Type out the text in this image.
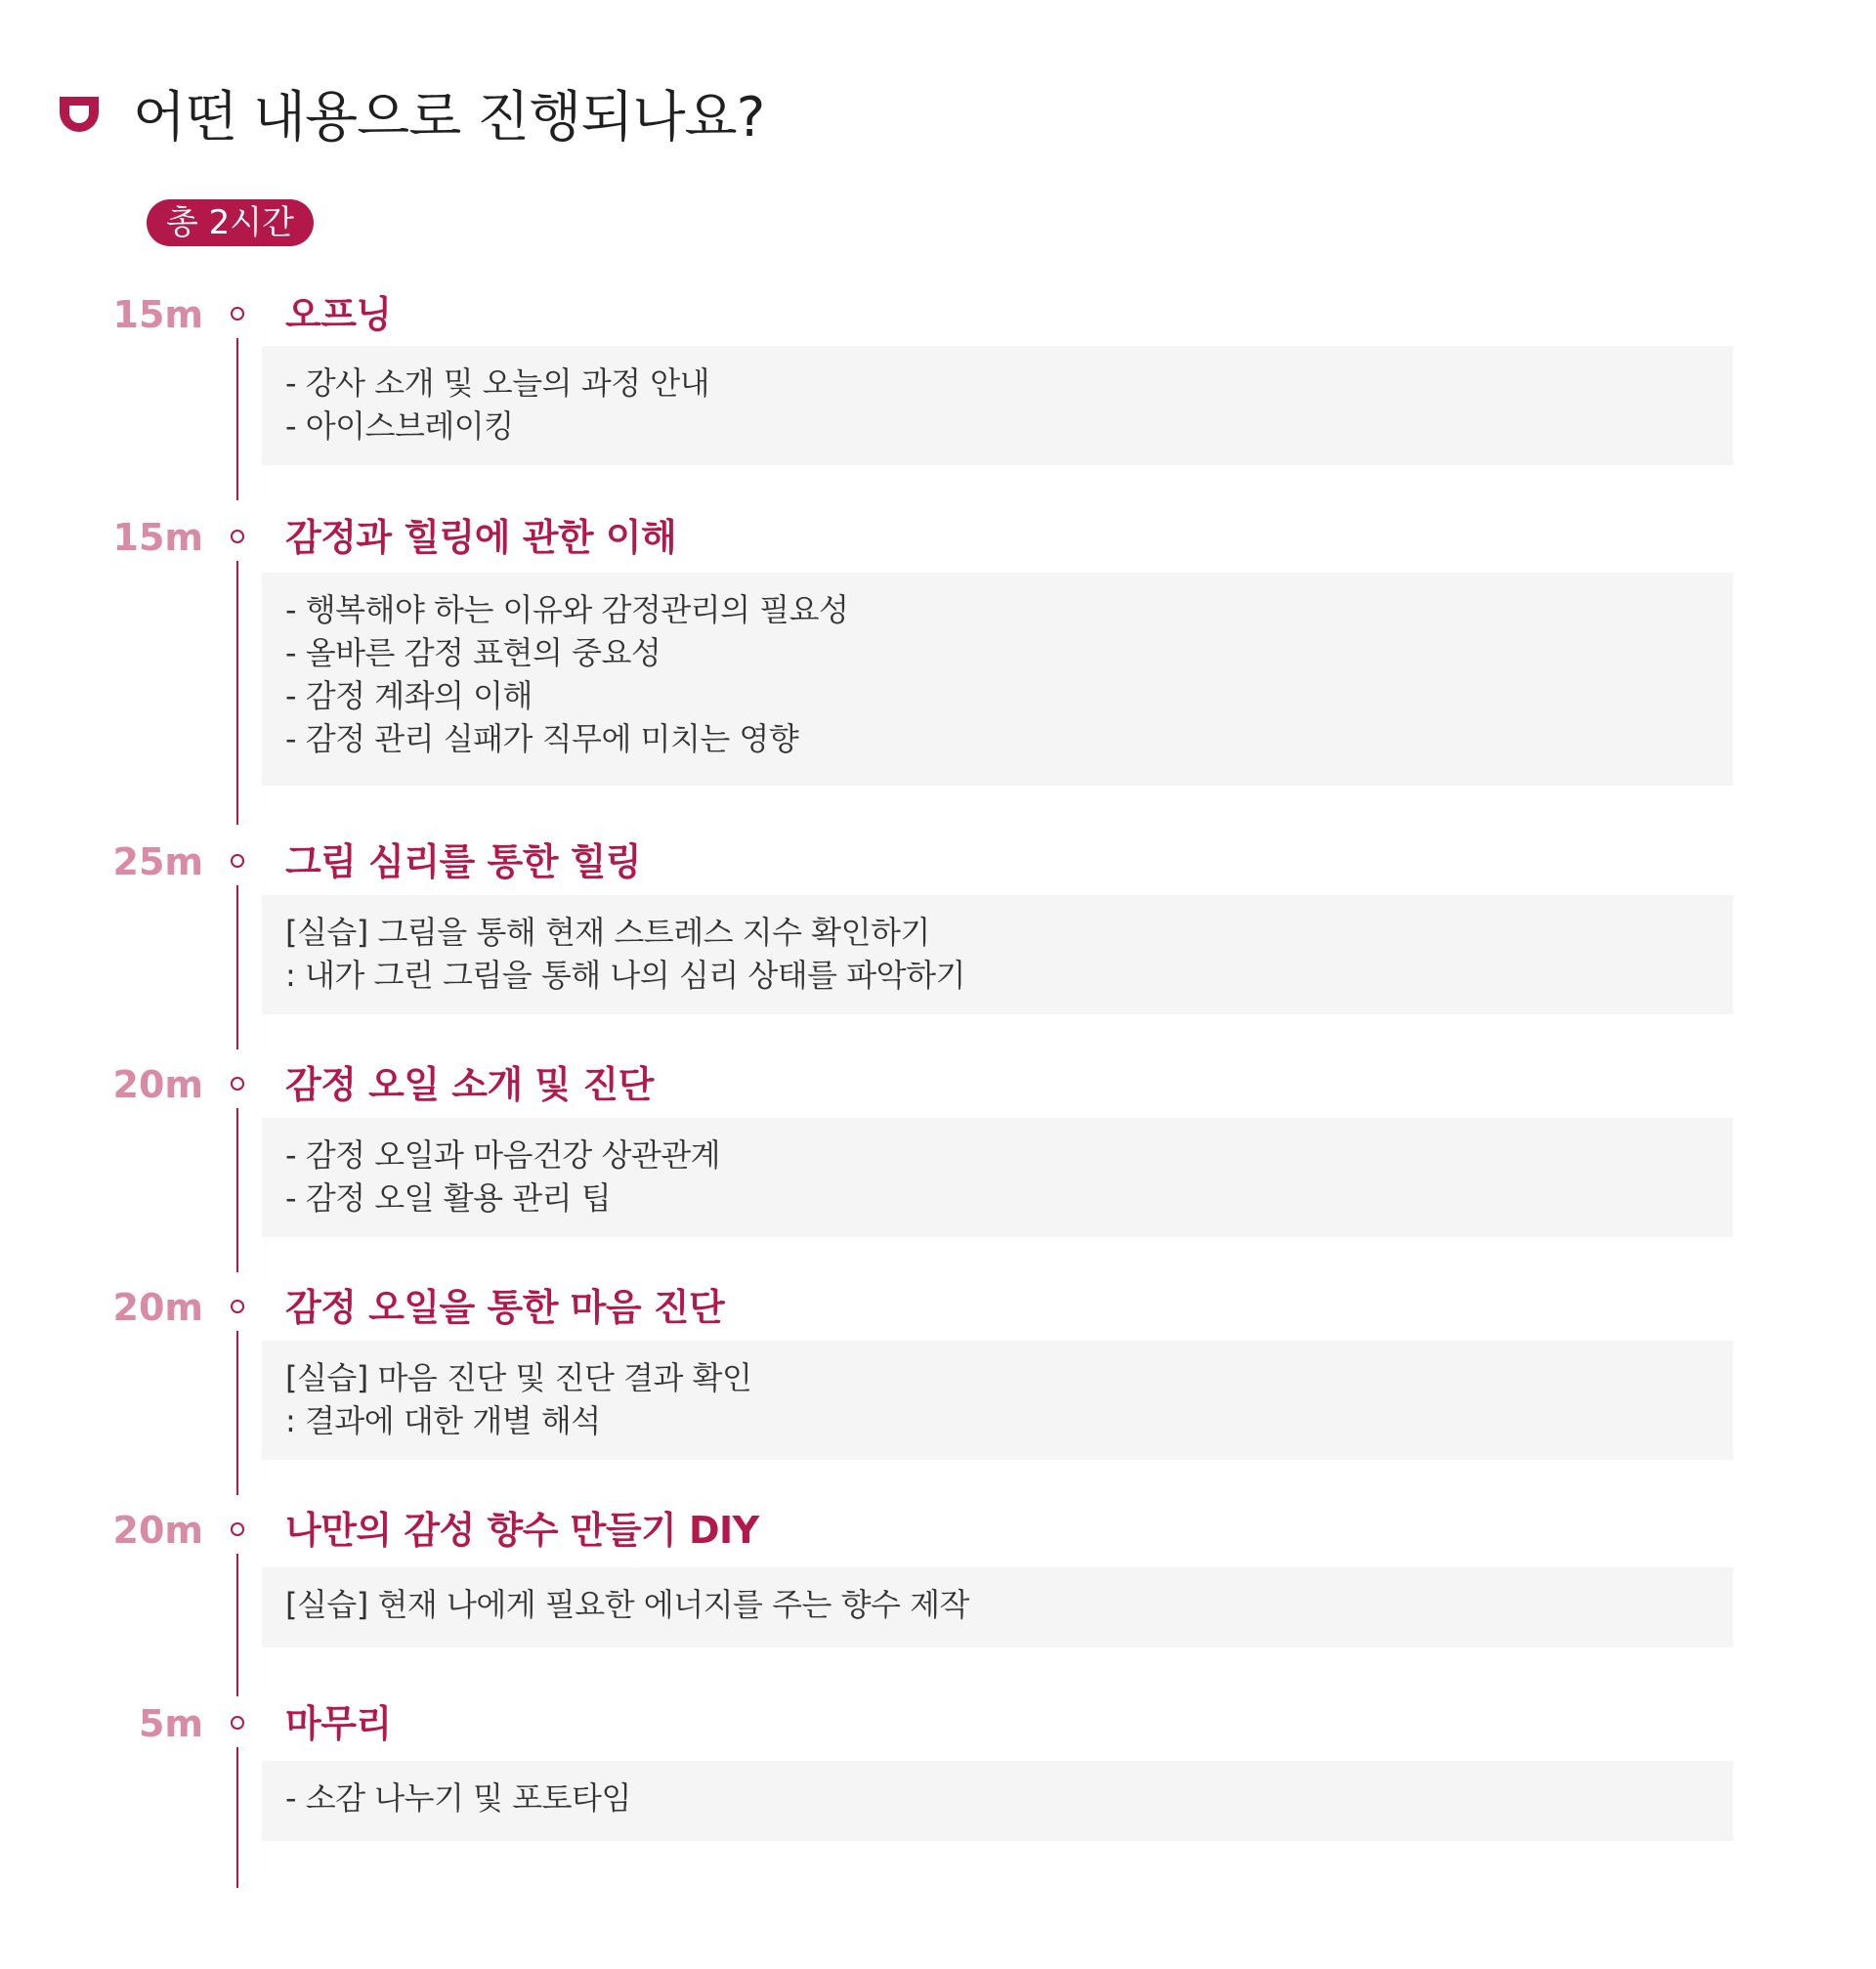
어떤 내용으로 진행되나요?
총 2시간
15m 오프닝
- 강사 소개 및 오늘의 과정 안내
- 아이스브레이킹
15m 감정과 힐링에 관한 이해
- 행복해야 하는 이유와 감정관리의 필요성
- 올바른 감정 표현의 중요성
- 감정 계좌의 이해
- 감정 관리 실패가 직무에 미치는 영향
25m 그림 심리를 통한 힐링
[실습] 그림을 통해 현재 스트레스 지수 확인하기
: 내가 그린 그림을 통해 나의 심리 상태를 파악하기
20m 감정 오일 소개 및 진단
- 감정 오일과 마음건강 상관관계
- 감정 오일 활용 관리 팁
20m 감정 오일을 통한 마음 진단
[실습] 마음 진단 및 진단 결과 확인
: 결과에 대한 개별 해석
20m 나만의 감성 향수 만들기 DIY
[실습] 현재 나에게 필요한 에너지를 주는 향수 제작
5m 마무리
- 소감 나누기 및 포토타임
